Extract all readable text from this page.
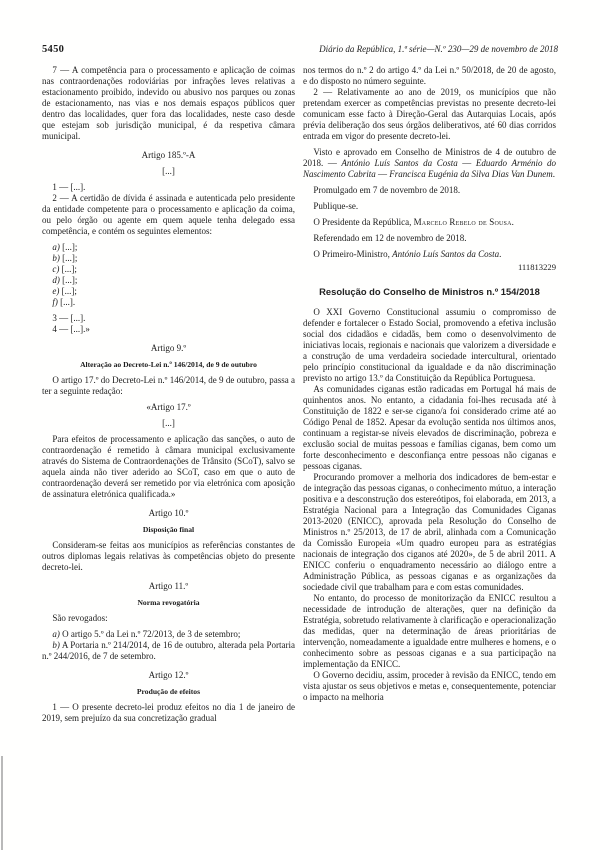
5450	Diário da República, 1.ª série—N.º 230—29 de novembro de 2018
7 — A competência para o processamento e aplicação de coimas nas contraordenações rodoviárias por infrações leves relativas a estacionamento proibido, indevido ou abusivo nos parques ou zonas de estacionamento, nas vias e nos demais espaços públicos quer dentro das localidades, quer fora das localidades, neste caso desde que estejam sob jurisdição municipal, é da respetiva câmara municipal.
Artigo 185.º-A
[...]
1 — [...].
2 — A certidão de dívida é assinada e autenticada pelo presidente da entidade competente para o processamento e aplicação da coima, ou pelo órgão ou agente em quem aquele tenha delegado essa competência, e contém os seguintes elementos:
a) [...];
b) [...];
c) [...];
d) [...];
e) [...];
f) [...].
3 — [...].
4 — [...].»
Artigo 9.º
Alteração ao Decreto-Lei n.º 146/2014, de 9 de outubro
O artigo 17.º do Decreto-Lei n.º 146/2014, de 9 de outubro, passa a ter a seguinte redação:
«Artigo 17.º
[...]
Para efeitos de processamento e aplicação das sanções, o auto de contraordenação é remetido à câmara municipal exclusivamente através do Sistema de Contraordenações de Trânsito (SCoT), salvo se aquela ainda não tiver aderido ao SCoT, caso em que o auto de contraordenação deverá ser remetido por via eletrónica com aposição de assinatura eletrónica qualificada.»
Artigo 10.º
Disposição final
Consideram-se feitas aos municípios as referências constantes de outros diplomas legais relativas às competências objeto do presente decreto-lei.
Artigo 11.º
Norma revogatória
São revogados:
a) O artigo 5.º da Lei n.º 72/2013, de 3 de setembro;
b) A Portaria n.º 214/2014, de 16 de outubro, alterada pela Portaria n.º 244/2016, de 7 de setembro.
Artigo 12.º
Produção de efeitos
1 — O presente decreto-lei produz efeitos no dia 1 de janeiro de 2019, sem prejuízo da sua concretização gradual
nos termos do n.º 2 do artigo 4.º da Lei n.º 50/2018, de 20 de agosto, e do disposto no número seguinte.
2 — Relativamente ao ano de 2019, os municípios que não pretendam exercer as competências previstas no presente decreto-lei comunicam esse facto à Direção-Geral das Autarquias Locais, após prévia deliberação dos seus órgãos deliberativos, até 60 dias corridos entrada em vigor do presente decreto-lei.
Visto e aprovado em Conselho de Ministros de 4 de outubro de 2018. — António Luís Santos da Costa — Eduardo Arménio do Nascimento Cabrita — Francisca Eugénia da Silva Dias Van Dunem.
Promulgado em 7 de novembro de 2018.
Publique-se.
O Presidente da República, Marcelo Rebelo de Sousa.
Referendado em 12 de novembro de 2018.
O Primeiro-Ministro, António Luís Santos da Costa.
111813229
Resolução do Conselho de Ministros n.º 154/2018
O XXI Governo Constitucional assumiu o compromisso de defender e fortalecer o Estado Social, promovendo a efetiva inclusão social dos cidadãos e cidadãs, bem como o desenvolvimento de iniciativas locais, regionais e nacionais que valorizem a diversidade e a construção de uma verdadeira sociedade intercultural, orientado pelo princípio constitucional da igualdade e da não discriminação previsto no artigo 13.º da Constituição da República Portuguesa.
As comunidades ciganas estão radicadas em Portugal há mais de quinhentos anos. No entanto, a cidadania foi-lhes recusada até à Constituição de 1822 e ser-se cigano/a foi considerado crime até ao Código Penal de 1852. Apesar da evolução sentida nos últimos anos, continuam a registar-se níveis elevados de discriminação, pobreza e exclusão social de muitas pessoas e famílias ciganas, bem como um forte desconhecimento e desconfiança entre pessoas não ciganas e pessoas ciganas.
Procurando promover a melhoria dos indicadores de bem-estar e de integração das pessoas ciganas, o conhecimento mútuo, a interação positiva e a desconstrução dos estereótipos, foi elaborada, em 2013, a Estratégia Nacional para a Integração das Comunidades Ciganas 2013-2020 (ENICC), aprovada pela Resolução do Conselho de Ministros n.º 25/2013, de 17 de abril, alinhada com a Comunicação da Comissão Europeia «Um quadro europeu para as estratégias nacionais de integração dos ciganos até 2020», de 5 de abril 2011. A ENICC conferiu o enquadramento necessário ao diálogo entre a Administração Pública, as pessoas ciganas e as organizações da sociedade civil que trabalham para e com estas comunidades.
No entanto, do processo de monitorização da ENICC resultou a necessidade de introdução de alterações, quer na definição da Estratégia, sobretudo relativamente à clarificação e operacionalização das medidas, quer na determinação de áreas prioritárias de intervenção, nomeadamente a igualdade entre mulheres e homens, e o conhecimento sobre as pessoas ciganas e a sua participação na implementação da ENICC.
O Governo decidiu, assim, proceder à revisão da ENICC, tendo em vista ajustar os seus objetivos e metas e, consequentemente, potenciar o impacto na melhoria
